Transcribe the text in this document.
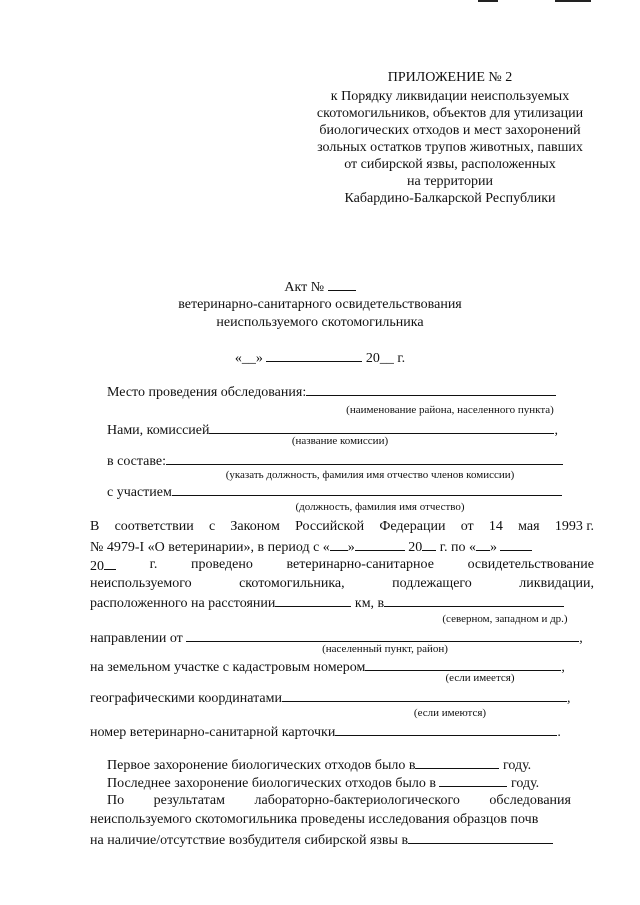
ПРИЛОЖЕНИЕ № 2
к Порядку ликвидации неиспользуемых
скотомогильников, объектов для утилизации
биологических отходов и мест захоронений
зольных остатков трупов животных, павших
от сибирской язвы, расположенных
на территории
Кабардино-Балкарской Республики
Акт №
ветеринарно-санитарного освидетельствования
неиспользуемого скотомогильника
«__»	20__ г.
Место проведения обследования:
(наименование района, населенного пункта)
Нами, комиссией	,
(название комиссии)
в составе:
(указать должность, фамилия имя отчество членов комиссии)
с участием
(должность, фамилия имя отчество)
В соответствии с Законом Российской Федерации от 14 мая 1993 г.
№ 4979-I «О ветеринарии», в период с « »	20 г. по « »
20	г. проведено ветеринарно-санитарное освидетельствование
неиспользуемого	скотомогильника,	подлежащего	ликвидации,
расположенного на расстоянии	км, в
(северном, западном и др.)
направлении от	,
(населенный пункт, район)
на земельном участке с кадастровым номером	,
(если имеется)
географическими координатами	,
(если имеются)
номер ветеринарно-санитарной карточки	.
Первое захоронение биологических отходов было в	году.
Последнее захоронение биологических отходов было в	году.
По результатам лабораторно-бактериологического обследования
неиспользуемого скотомогильника проведены исследования образцов почв
на наличие/отсутствие возбудителя сибирской язвы в
